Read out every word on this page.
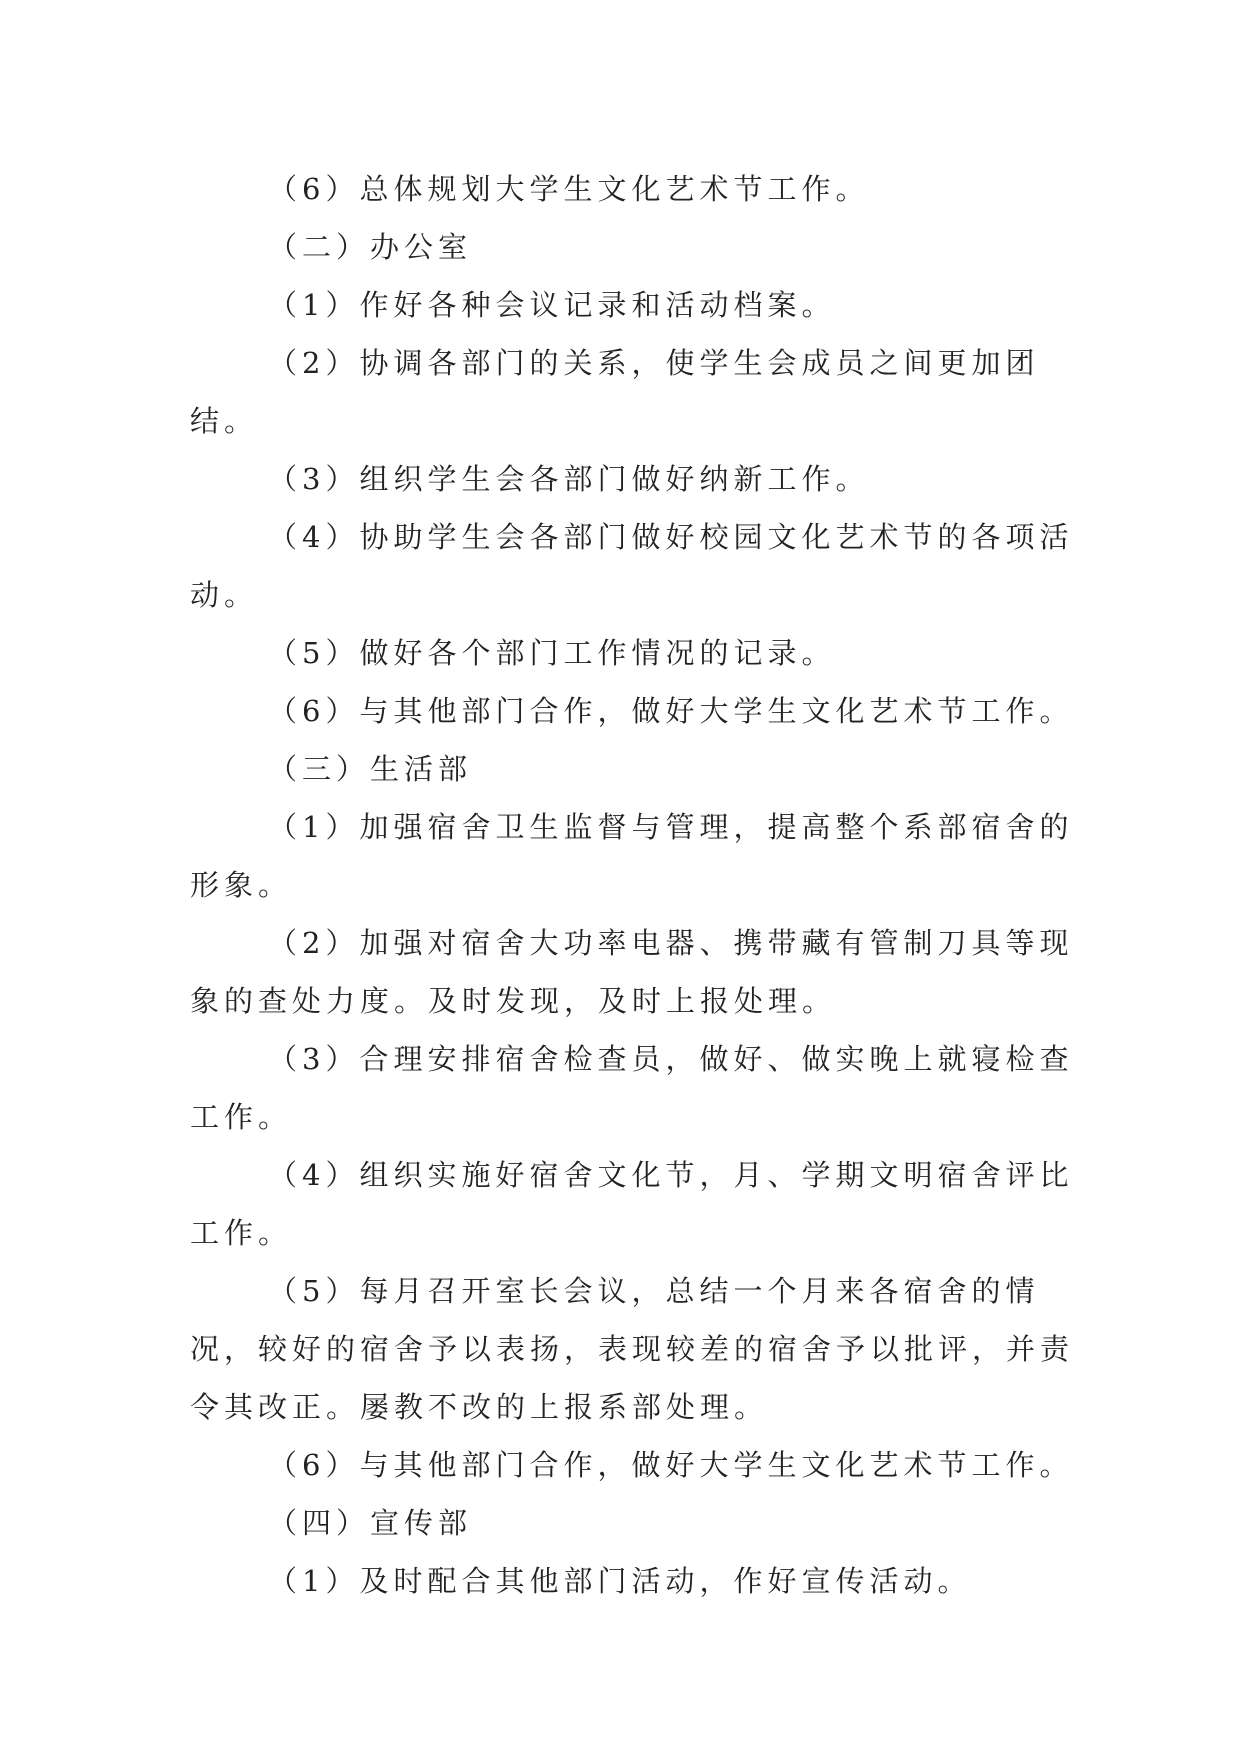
（6）总体规划大学生文化艺术节工作。

（二）办公室

（1）作好各种会议记录和活动档案。

（2）协调各部门的关系，使学生会成员之间更加团结。

（3）组织学生会各部门做好纳新工作。

（4）协助学生会各部门做好校园文化艺术节的各项活动。

（5）做好各个部门工作情况的记录。

（6）与其他部门合作，做好大学生文化艺术节工作。

（三）生活部

（1）加强宿舍卫生监督与管理，提高整个系部宿舍的形象。

（2）加强对宿舍大功率电器、携带藏有管制刀具等现象的查处力度。及时发现，及时上报处理。

（3）合理安排宿舍检查员，做好、做实晚上就寝检查工作。

（4）组织实施好宿舍文化节，月、学期文明宿舍评比工作。

（5）每月召开室长会议，总结一个月来各宿舍的情况，较好的宿舍予以表扬，表现较差的宿舍予以批评，并责令其改正。屡教不改的上报系部处理。

（6）与其他部门合作，做好大学生文化艺术节工作。

（四）宣传部

（1）及时配合其他部门活动，作好宣传活动。
